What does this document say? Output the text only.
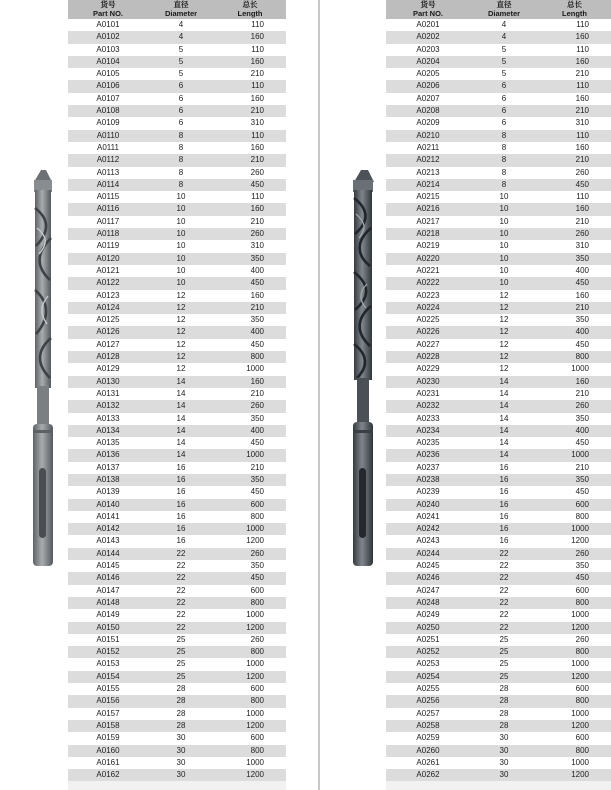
货号
Part NO.	直径
Diameter	总长
Length
A0101	4	110
A0102	4	160
A0103	5	110
A0104	5	160
A0105	5	210
A0106	6	110
A0107	6	160
A0108	6	210
A0109	6	310
A0110	8	110
A0111	8	160
A0112	8	210
A0113	8	260
A0114	8	450
A0115	10	110
A0116	10	160
A0117	10	210
A0118	10	260
A0119	10	310
A0120	10	350
A0121	10	400
A0122	10	450
A0123	12	160
A0124	12	210
A0125	12	350
A0126	12	400
A0127	12	450
A0128	12	800
A0129	12	1000
A0130	14	160
A0131	14	210
A0132	14	260
A0133	14	350
A0134	14	400
A0135	14	450
A0136	14	1000
A0137	16	210
A0138	16	350
A0139	16	450
A0140	16	600
A0141	16	800
A0142	16	1000
A0143	16	1200
A0144	22	260
A0145	22	350
A0146	22	450
A0147	22	600
A0148	22	800
A0149	22	1000
A0150	22	1200
A0151	25	260
A0152	25	800
A0153	25	1000
A0154	25	1200
A0155	28	600
A0156	28	800
A0157	28	1000
A0158	28	1200
A0159	30	600
A0160	30	800
A0161	30	1000
A0162	30	1200
货号
Part NO.	直径
Diameter	总长
Length
A0201	4	110
A0202	4	160
A0203	5	110
A0204	5	160
A0205	5	210
A0206	6	110
A0207	6	160
A0208	6	210
A0209	6	310
A0210	8	110
A0211	8	160
A0212	8	210
A0213	8	260
A0214	8	450
A0215	10	110
A0216	10	160
A0217	10	210
A0218	10	260
A0219	10	310
A0220	10	350
A0221	10	400
A0222	10	450
A0223	12	160
A0224	12	210
A0225	12	350
A0226	12	400
A0227	12	450
A0228	12	800
A0229	12	1000
A0230	14	160
A0231	14	210
A0232	14	260
A0233	14	350
A0234	14	400
A0235	14	450
A0236	14	1000
A0237	16	210
A0238	16	350
A0239	16	450
A0240	16	600
A0241	16	800
A0242	16	1000
A0243	16	1200
A0244	22	260
A0245	22	350
A0246	22	450
A0247	22	600
A0248	22	800
A0249	22	1000
A0250	22	1200
A0251	25	260
A0252	25	800
A0253	25	1000
A0254	25	1200
A0255	28	600
A0256	28	800
A0257	28	1000
A0258	28	1200
A0259	30	600
A0260	30	800
A0261	30	1000
A0262	30	1200
